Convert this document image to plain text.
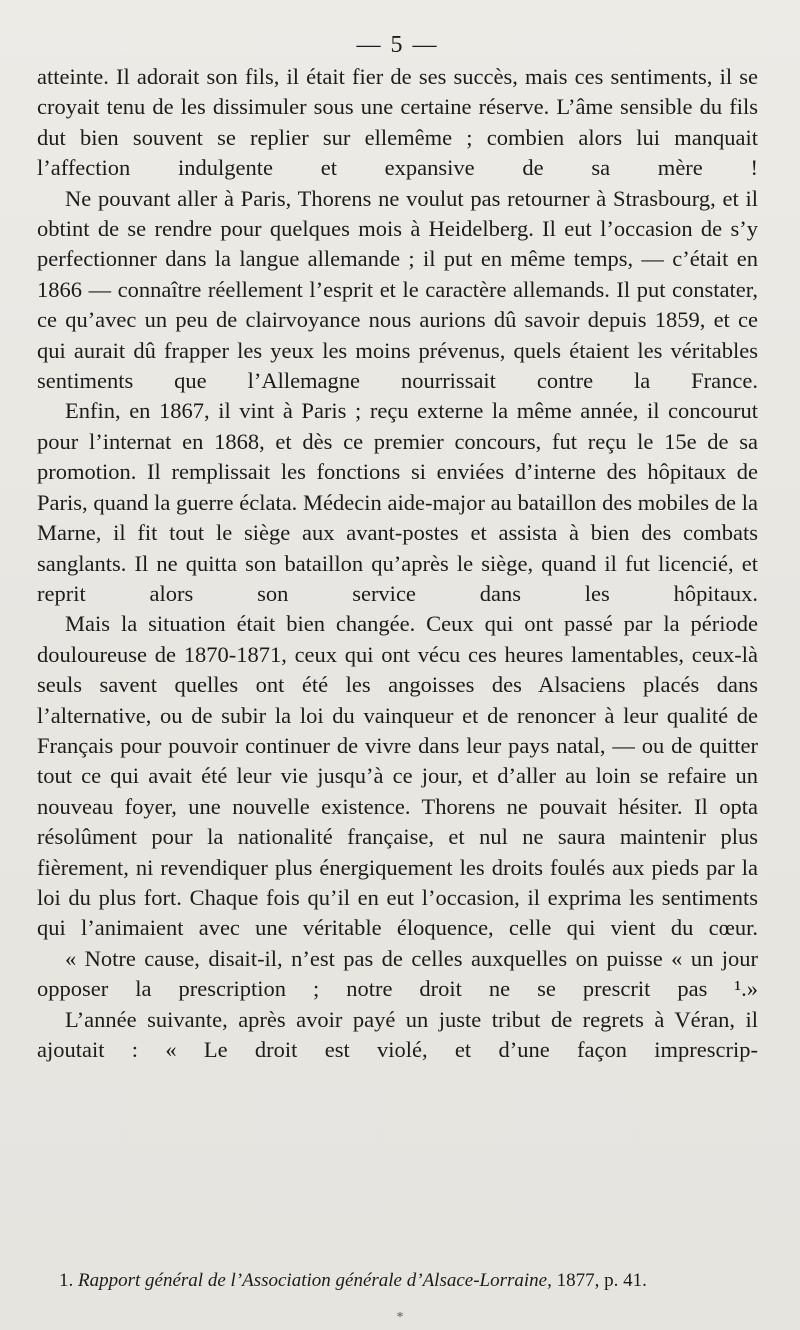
— 5 —

atteinte. Il adorait son fils, il était fier de ses succès, mais ces sentiments, il se croyait tenu de les dissimuler sous une certaine réserve. L’âme sensible du fils dut bien souvent se replier sur ellemême ; combien alors lui manquait l’affection indulgente et expansive de sa mère !

Ne pouvant aller à Paris, Thorens ne voulut pas retourner à Strasbourg, et il obtint de se rendre pour quelques mois à Heidelberg. Il eut l’occasion de s’y perfectionner dans la langue allemande ; il put en même temps, — c’était en 1866 — connaître réellement l’esprit et le caractère allemands. Il put constater, ce qu’avec un peu de clairvoyance nous aurions dû savoir depuis 1859, et ce qui aurait dû frapper les yeux les moins prévenus, quels étaient les véritables sentiments que l’Allemagne nourrissait contre la France.

Enfin, en 1867, il vint à Paris ; reçu externe la même année, il concourut pour l’internat en 1868, et dès ce premier concours, fut reçu le 15e de sa promotion. Il remplissait les fonctions si enviées d’interne des hôpitaux de Paris, quand la guerre éclata. Médecin aide-major au bataillon des mobiles de la Marne, il fit tout le siège aux avant-postes et assista à bien des combats sanglants. Il ne quitta son bataillon qu’après le siège, quand il fut licencié, et reprit alors son service dans les hôpitaux.

Mais la situation était bien changée. Ceux qui ont passé par la période douloureuse de 1870-1871, ceux qui ont vécu ces heures lamentables, ceux-là seuls savent quelles ont été les angoisses des Alsaciens placés dans l’alternative, ou de subir la loi du vainqueur et de renoncer à leur qualité de Français pour pouvoir continuer de vivre dans leur pays natal, — ou de quitter tout ce qui avait été leur vie jusqu’à ce jour, et d’aller au loin se refaire un nouveau foyer, une nouvelle existence. Thorens ne pouvait hésiter. Il opta résolûment pour la nationalité française, et nul ne saura maintenir plus fièrement, ni revendiquer plus énergiquement les droits foulés aux pieds par la loi du plus fort. Chaque fois qu’il en eut l’occasion, il exprima les sentiments qui l’animaient avec une véritable éloquence, celle qui vient du cœur.

« Notre cause, disait-il, n’est pas de celles auxquelles on puisse « un jour opposer la prescription ; notre droit ne se prescrit pas ¹.»

L’année suivante, après avoir payé un juste tribut de regrets à Véran, il ajoutait : « Le droit est violé, et d’une façon imprescrip-

1. Rapport général de l’Association générale d’Alsace-Lorraine, 1877, p. 41.

*
